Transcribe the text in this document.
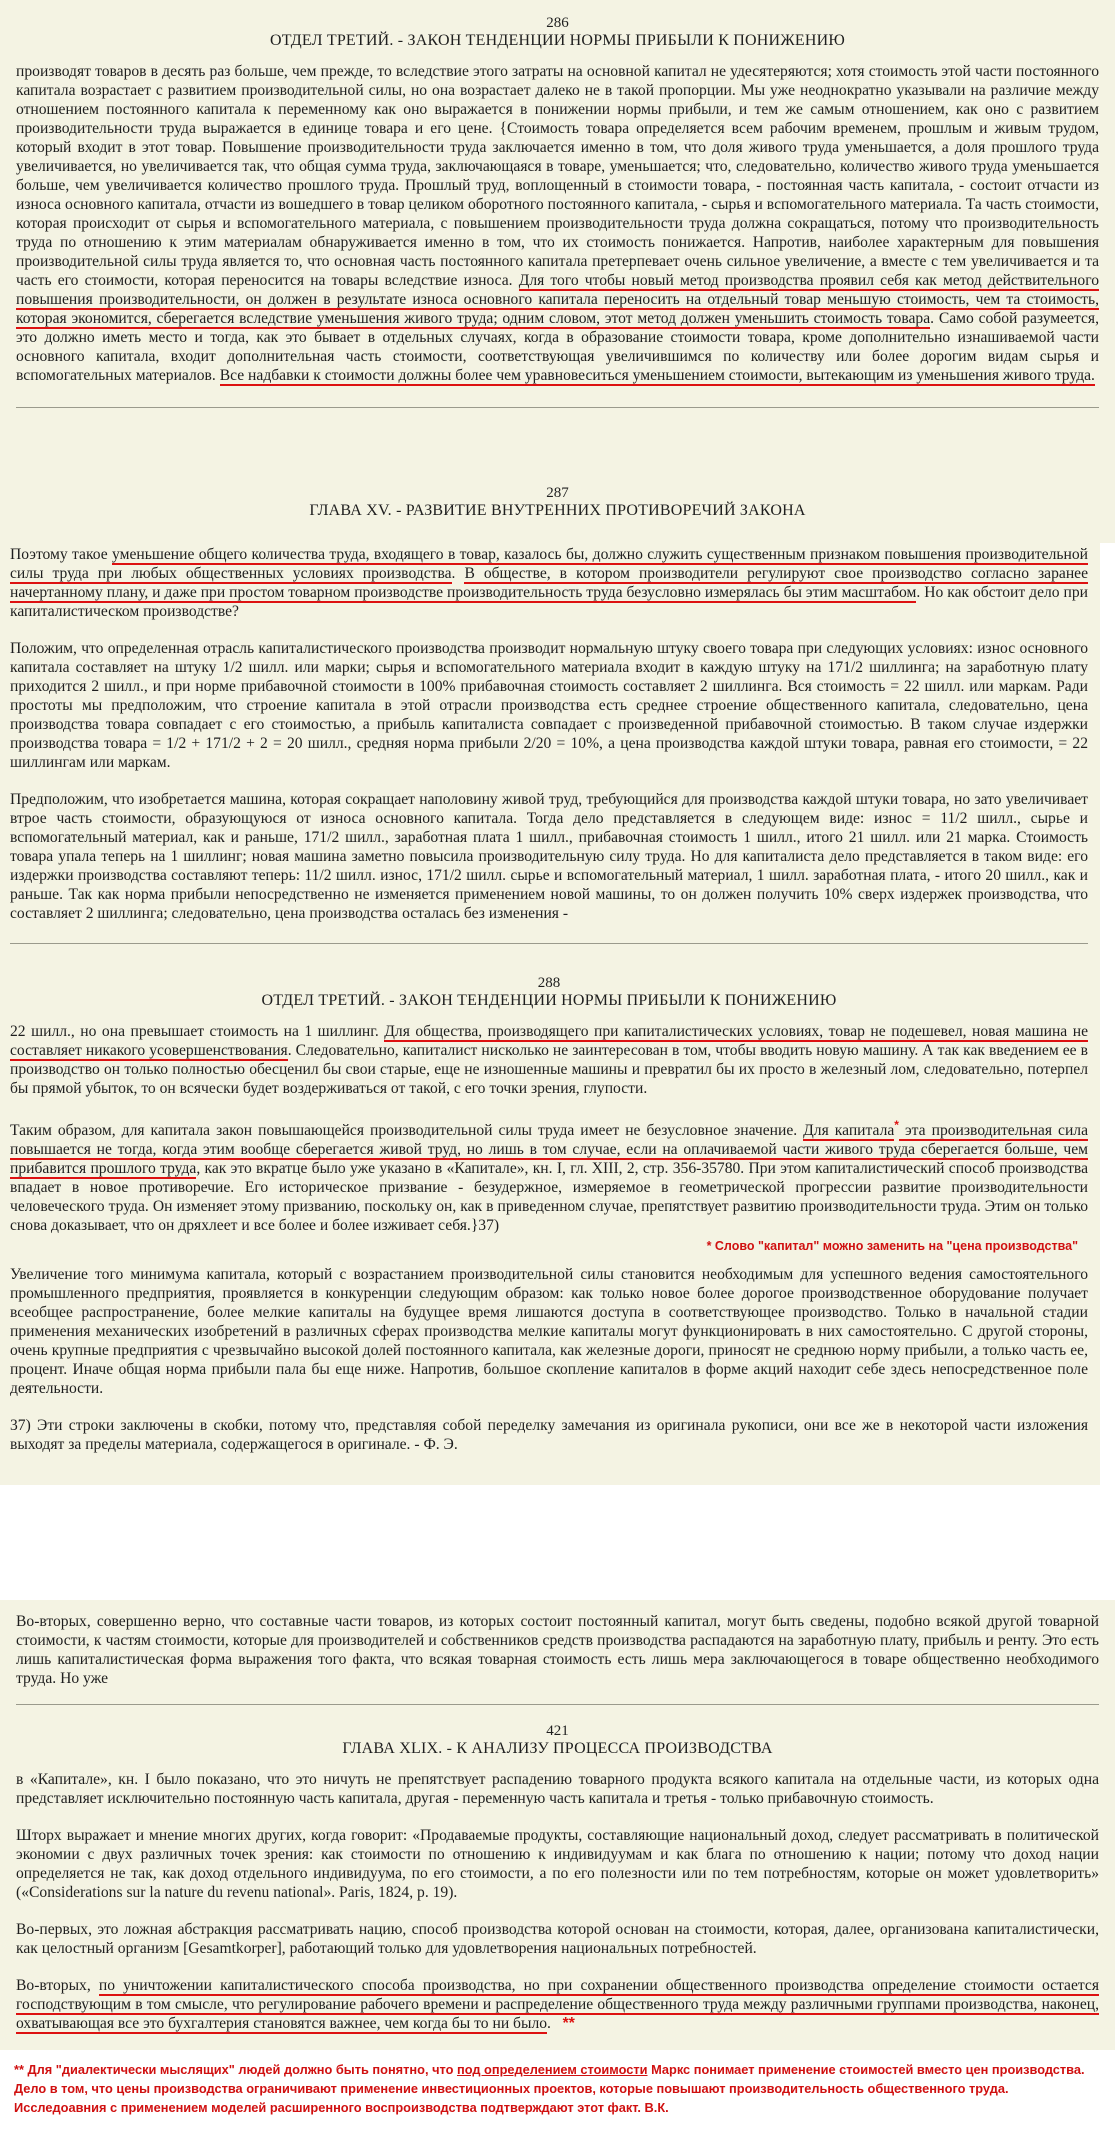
286
ОТДЕЛ ТРЕТИЙ. - ЗАКОН ТЕНДЕНЦИИ НОРМЫ ПРИБЫЛИ К ПОНИЖЕНИЮ

производят товаров в десять раз больше, чем прежде, то вследствие этого затраты на основной капитал не удесятеряются; хотя стоимость этой части постоянного капитала возрастает с развитием производительной силы, но она возрастает далеко не в такой пропорции. Мы уже неоднократно указывали на различие между отношением постоянного капитала к переменному как оно выражается в понижении нормы прибыли, и тем же самым отношением, как оно с развитием производительности труда выражается в единице товара и его цене. {Стоимость товара определяется всем рабочим временем, прошлым и живым трудом, который входит в этот товар. Повышение производительности труда заключается именно в том, что доля живого труда уменьшается, а доля прошлого труда увеличивается, но увеличивается так, что общая сумма труда, заключающаяся в товаре, уменьшается; что, следовательно, количество живого труда уменьшается больше, чем увеличивается количество прошлого труда. Прошлый труд, воплощенный в стоимости товара, - постоянная часть капитала, - состоит отчасти из износа основного капитала, отчасти из вошедшего в товар целиком оборотного постоянного капитала, - сырья и вспомогательного материала. Та часть стоимости, которая происходит от сырья и вспомогательного материала, с повышением производительности труда должна сокращаться, потому что производительность труда по отношению к этим материалам обнаруживается именно в том, что их стоимость понижается. Напротив, наиболее характерным для повышения производительной силы труда является то, что основная часть постоянного капитала претерпевает очень сильное увеличение, а вместе с тем увеличивается и та часть его стоимости, которая переносится на товары вследствие износа. Для того чтобы новый метод производства проявил себя как метод действительного повышения производительности, он должен в результате износа основного капитала переносить на отдельный товар меньшую стоимость, чем та стоимость, которая экономится, сберегается вследствие уменьшения живого труда; одним словом, этот метод должен уменьшить стоимость товара. Само собой разумеется, это должно иметь место и тогда, как это бывает в отдельных случаях, когда в образование стоимости товара, кроме дополнительно изнашиваемой части основного капитала, входит дополнительная часть стоимости, соответствующая увеличившимся по количеству или более дорогим видам сырья и вспомогательных материалов. Все надбавки к стоимости должны более чем уравновеситься уменьшением стоимости, вытекающим из уменьшения живого труда.

287
ГЛАВА XV. - РАЗВИТИЕ ВНУТРЕННИХ ПРОТИВОРЕЧИЙ ЗАКОНА

Поэтому такое уменьшение общего количества труда, входящего в товар, казалось бы, должно служить существенным признаком повышения производительной силы труда при любых общественных условиях производства. В обществе, в котором производители регулируют свое производство согласно заранее начертанному плану, и даже при простом товарном производстве производительность труда безусловно измерялась бы этим масштабом. Но как обстоит дело при капиталистическом производстве?

Положим, что определенная отрасль капиталистического производства производит нормальную штуку своего товара при следующих условиях: износ основного капитала составляет на штуку 1/2 шилл. или марки; сырья и вспомогательного материала входит в каждую штуку на 171/2 шиллинга; на заработную плату приходится 2 шилл., и при норме прибавочной стоимости в 100% прибавочная стоимость составляет 2 шиллинга. Вся стоимость = 22 шилл. или маркам. Ради простоты мы предположим, что строение капитала в этой отрасли производства есть среднее строение общественного капитала, следовательно, цена производства товара совпадает с его стоимостью, а прибыль капиталиста совпадает с произведенной прибавочной стоимостью. В таком случае издержки производства товара = 1/2 + 171/2 + 2 = 20 шилл., средняя норма прибыли 2/20 = 10%, а цена производства каждой штуки товара, равная его стоимости, = 22 шиллингам или маркам.

Предположим, что изобретается машина, которая сокращает наполовину живой труд, требующийся для производства каждой штуки товара, но зато увеличивает втрое часть стоимости, образующуюся от износа основного капитала. Тогда дело представляется в следующем виде: износ = 11/2 шилл., сырье и вспомогательный материал, как и раньше, 171/2 шилл., заработная плата 1 шилл., прибавочная стоимость 1 шилл., итого 21 шилл. или 21 марка. Стоимость товара упала теперь на 1 шиллинг; новая машина заметно повысила производительную силу труда. Но для капиталиста дело представляется в таком виде: его издержки производства составляют теперь: 11/2 шилл. износ, 171/2 шилл. сырье и вспомогательный материал, 1 шилл. заработная плата, - итого 20 шилл., как и раньше. Так как норма прибыли непосредственно не изменяется применением новой машины, то он должен получить 10% сверх издержек производства, что составляет 2 шиллинга; следовательно, цена производства осталась без изменения -

288
ОТДЕЛ ТРЕТИЙ. - ЗАКОН ТЕНДЕНЦИИ НОРМЫ ПРИБЫЛИ К ПОНИЖЕНИЮ

22 шилл., но она превышает стоимость на 1 шиллинг. Для общества, производящего при капиталистических условиях, товар не подешевел, новая машина не составляет никакого усовершенствования. Следовательно, капиталист нисколько не заинтересован в том, чтобы вводить новую машину. А так как введением ее в производство он только полностью обесценил бы свои старые, еще не изношенные машины и превратил бы их просто в железный лом, следовательно, потерпел бы прямой убыток, то он всячески будет воздерживаться от такой, с его точки зрения, глупости.

Таким образом, для капитала закон повышающейся производительной силы труда имеет не безусловное значение. Для капитала* эта производительная сила повышается не тогда, когда этим вообще сберегается живой труд, но лишь в том случае, если на оплачиваемой части живого труда сберегается больше, чем прибавится прошлого труда, как это вкратце было уже указано в «Капитале», кн. I, гл. XIII, 2, стр. 356-35780. При этом капиталистический способ производства впадает в новое противоречие. Его историческое призвание - безудержное, измеряемое в геометрической прогрессии развитие производительности человеческого труда. Он изменяет этому призванию, поскольку он, как в приведенном случае, препятствует развитию производительности труда. Этим он только снова доказывает, что он дряхлеет и все более и более изживает себя.}37)

* Слово "капитал" можно заменить на "цена производства"

Увеличение того минимума капитала, который с возрастанием производительной силы становится необходимым для успешного ведения самостоятельного промышленного предприятия, проявляется в конкуренции следующим образом: как только новое более дорогое производственное оборудование получает всеобщее распространение, более мелкие капиталы на будущее время лишаются доступа в соответствующее производство. Только в начальной стадии применения механических изобретений в различных сферах производства мелкие капиталы могут функционировать в них самостоятельно. С другой стороны, очень крупные предприятия с чрезвычайно высокой долей постоянного капитала, как железные дороги, приносят не среднюю норму прибыли, а только часть ее, процент. Иначе общая норма прибыли пала бы еще ниже. Напротив, большое скопление капиталов в форме акций находит себе здесь непосредственное поле деятельности.

37) Эти строки заключены в скобки, потому что, представляя собой переделку замечания из оригинала рукописи, они все же в некоторой части изложения выходят за пределы материала, содержащегося в оригинале. - Ф. Э.

Во-вторых, совершенно верно, что составные части товаров, из которых состоит постоянный капитал, могут быть сведены, подобно всякой другой товарной стоимости, к частям стоимости, которые для производителей и собственников средств производства распадаются на заработную плату, прибыль и ренту. Это есть лишь капиталистическая форма выражения того факта, что всякая товарная стоимость есть лишь мера заключающегося в товаре общественно необходимого труда. Но уже

421
ГЛАВА XLIX. - К АНАЛИЗУ ПРОЦЕССА ПРОИЗВОДСТВА

в «Капитале», кн. I было показано, что это ничуть не препятствует распадению товарного продукта всякого капитала на отдельные части, из которых одна представляет исключительно постоянную часть капитала, другая - переменную часть капитала и третья - только прибавочную стоимость.

Шторх выражает и мнение многих других, когда говорит: «Продаваемые продукты, составляющие национальный доход, следует рассматривать в политической экономии с двух различных точек зрения: как стоимости по отношению к индивидуумам и как блага по отношению к нации; потому что доход нации определяется не так, как доход отдельного индивидуума, по его стоимости, а по его полезности или по тем потребностям, которые он может удовлетворить» («Considerations sur la nature du revenu national». Paris, 1824, p. 19).

Во-первых, это ложная абстракция рассматривать нацию, способ производства которой основан на стоимости, которая, далее, организована капиталистически, как целостный организм [Gesamtkorper], работающий только для удовлетворения национальных потребностей.

Во-вторых, по уничтожении капиталистического способа производства, но при сохранении общественного производства определение стоимости остается господствующим в том смысле, что регулирование рабочего времени и распределение общественного труда между различными группами производства, наконец, охватывающая все это бухгалтерия становятся важнее, чем когда бы то ни было. **

** Для "диалектически мыслящих" людей должно быть понятно, что под определением стоимости Маркс понимает применение стоимостей вместо цен производства. Дело в том, что цены производства ограничивают применение инвестиционных проектов, которые повышают производительность общественного труда. Исследоавния с применением моделей расширенного воспроизводства подтверждают этот факт. В.К.
